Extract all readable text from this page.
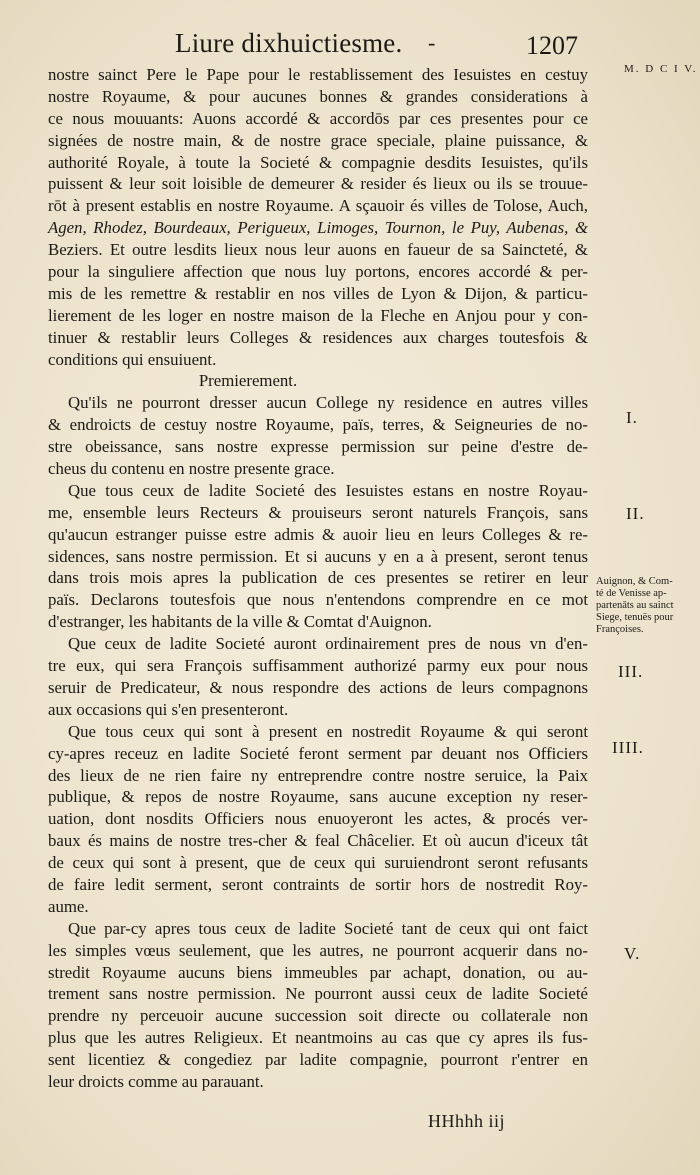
Liure dixhuictiesme. -	1207
M. D C I V.
nostre sainct Pere le Pape pour le restablissement des Iesuistes en cestuy
nostre Royaume, & pour aucunes bonnes & grandes considerations à
ce nous mouuants: Auons accordé & accordōs par ces presentes pour ce
signées de nostre main, & de nostre grace speciale, plaine puissance, &
authorité Royale, à toute la Societé & compagnie desdits Iesuistes, qu'ils
puissent & leur soit loisible de demeurer & resider és lieux ou ils se trouue-
rōt à present establis en nostre Royaume. A sçauoir és villes de Tolose, Auch,
Agen, Rhodez, Bourdeaux, Perigueux, Limoges, Tournon, le Puy, Aubenas, &
Beziers. Et outre lesdits lieux nous leur auons en faueur de sa Saincteté, &
pour la singuliere affection que nous luy portons, encores accordé & per-
mis de les remettre & restablir en nos villes de Lyon & Dijon, & particu-
lierement de les loger en nostre maison de la Fleche en Anjou pour y con-
tinuer & restablir leurs Colleges & residences aux charges toutesfois &
conditions qui ensuiuent.
Premierement.
Qu'ils ne pourront dresser aucun College ny residence en autres villes
& endroicts de cestuy nostre Royaume, païs, terres, & Seigneuries de no-
stre obeissance, sans nostre expresse permission sur peine d'estre de-
cheus du contenu en nostre presente grace.
Que tous ceux de ladite Societé des Iesuistes estans en nostre Royau-
me, ensemble leurs Recteurs & prouiseurs seront naturels François, sans
qu'aucun estranger puisse estre admis & auoir lieu en leurs Colleges & re-
sidences, sans nostre permission. Et si aucuns y en a à present, seront tenus
dans trois mois apres la publication de ces presentes se retirer en leur
païs. Declarons toutesfois que nous n'entendons comprendre en ce mot
d'estranger, les habitants de la ville & Comtat d'Auignon.
Que ceux de ladite Societé auront ordinairement pres de nous vn d'en-
tre eux, qui sera François suffisamment authorizé parmy eux pour nous
seruir de Predicateur, & nous respondre des actions de leurs compagnons
aux occasions qui s'en presenteront.
Que tous ceux qui sont à present en nostredit Royaume & qui seront
cy-apres receuz en ladite Societé feront serment par deuant nos Officiers
des lieux de ne rien faire ny entreprendre contre nostre seruice, la Paix
publique, & repos de nostre Royaume, sans aucune exception ny reser-
uation, dont nosdits Officiers nous enuoyeront les actes, & procés ver-
baux és mains de nostre tres-cher & feal Châcelier. Et où aucun d'iceux tât
de ceux qui sont à present, que de ceux qui suruiendront seront refusants
de faire ledit serment, seront contraints de sortir hors de nostredit Roy-
aume.
Que par-cy apres tous ceux de ladite Societé tant de ceux qui ont faict
les simples vœus seulement, que les autres, ne pourront acquerir dans no-
stredit Royaume aucuns biens immeubles par achapt, donation, ou au-
trement sans nostre permission. Ne pourront aussi ceux de ladite Societé
prendre ny perceuoir aucune succession soit directe ou collaterale non
plus que les autres Religieux. Et neantmoins au cas que cy apres ils fus-
sent licentiez & congediez par ladite compagnie, pourront r'entrer en
leur droicts comme au parauant.
I.
II.
Auignon, & Com-
té de Venisse ap-
partenāts au sainct
Siege, tenuës pour
Françoises.
III.
IIII.
V.
HHhhh iij
